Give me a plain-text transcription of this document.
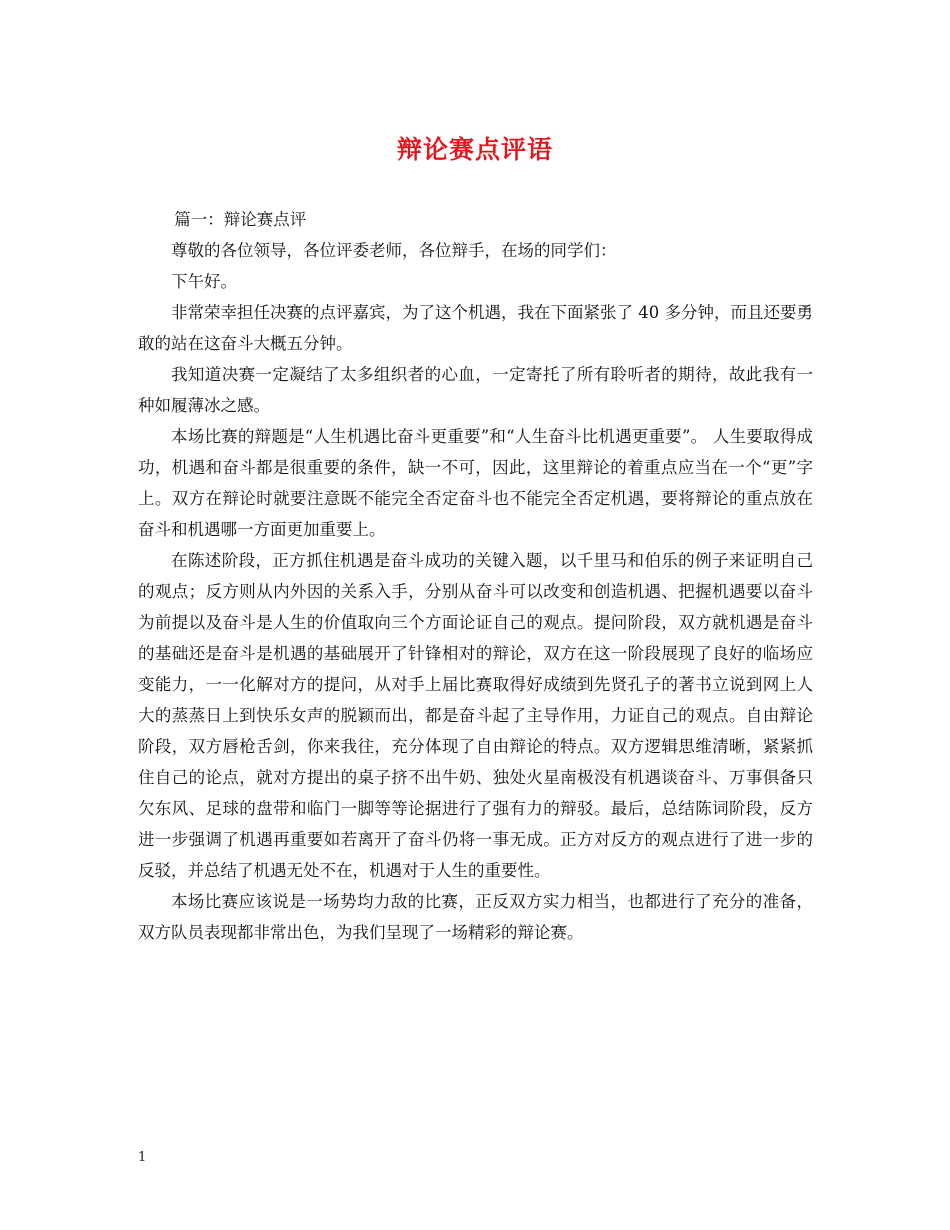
辩论赛点评语

篇一：辩论赛点评

尊敬的各位领导，各位评委老师，各位辩手，在场的同学们：

下午好。

非常荣幸担任决赛的点评嘉宾，为了这个机遇，我在下面紧张了 40 多分钟，而且还要勇敢的站在这奋斗大概五分钟。

我知道决赛一定凝结了太多组织者的心血，一定寄托了所有聆听者的期待，故此我有一种如履薄冰之感。

本场比赛的辩题是“人生机遇比奋斗更重要”和“人生奋斗比机遇更重要”。 人生要取得成功，机遇和奋斗都是很重要的条件，缺一不可，因此，这里辩论的着重点应当在一个“更”字上。双方在辩论时就要注意既不能完全否定奋斗也不能完全否定机遇，要将辩论的重点放在奋斗和机遇哪一方面更加重要上。

在陈述阶段，正方抓住机遇是奋斗成功的关键入题，以千里马和伯乐的例子来证明自己的观点；反方则从内外因的关系入手，分别从奋斗可以改变和创造机遇、把握机遇要以奋斗为前提以及奋斗是人生的价值取向三个方面论证自己的观点。提问阶段，双方就机遇是奋斗的基础还是奋斗是机遇的基础展开了针锋相对的辩论，双方在这一阶段展现了良好的临场应变能力，一一化解对方的提问，从对手上届比赛取得好成绩到先贤孔子的著书立说到网上人大的蒸蒸日上到快乐女声的脱颖而出，都是奋斗起了主导作用，力证自己的观点。自由辩论阶段，双方唇枪舌剑，你来我往，充分体现了自由辩论的特点。双方逻辑思维清晰，紧紧抓住自己的论点，就对方提出的桌子挤不出牛奶、独处火星南极没有机遇谈奋斗、万事俱备只欠东风、足球的盘带和临门一脚等等论据进行了强有力的辩驳。最后，总结陈词阶段，反方进一步强调了机遇再重要如若离开了奋斗仍将一事无成。正方对反方的观点进行了进一步的反驳，并总结了机遇无处不在，机遇对于人生的重要性。

本场比赛应该说是一场势均力敌的比赛，正反双方实力相当，也都进行了充分的准备，双方队员表现都非常出色，为我们呈现了一场精彩的辩论赛。

1
